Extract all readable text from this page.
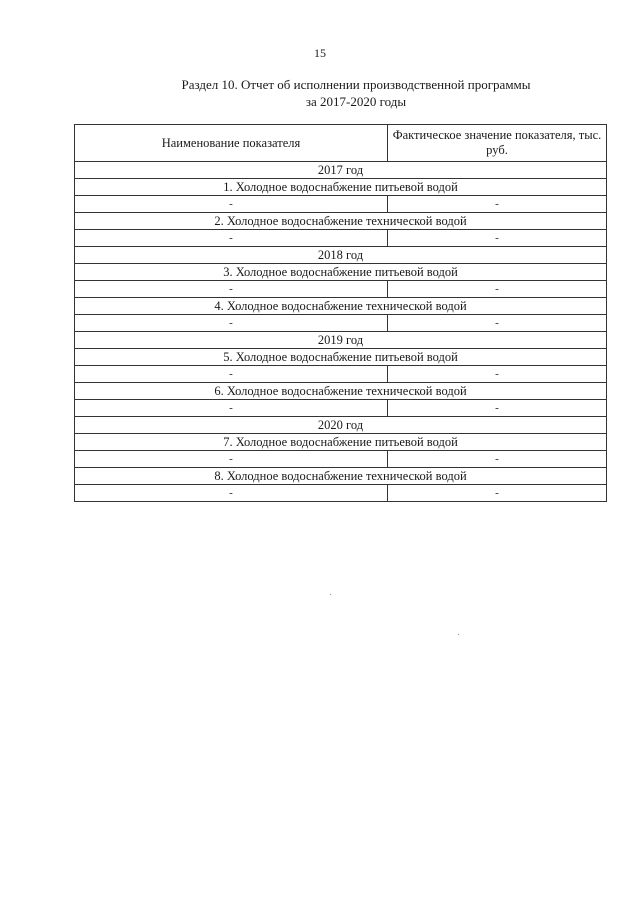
15
Раздел 10. Отчет об исполнении производственной программы
за 2017-2020 годы
Наименование показателя	Фактическое значение показателя, тыс. руб.
2017 год	
1. Холодное водоснабжение питьевой водой	
-	-
2. Холодное водоснабжение технической водой	
-	-
2018 год	
3. Холодное водоснабжение питьевой водой	
-	-
4. Холодное водоснабжение технической водой	
-	-
2019 год	
5. Холодное водоснабжение питьевой водой	
-	-
6. Холодное водоснабжение технической водой	
-	-
2020 год	
7. Холодное водоснабжение питьевой водой	
-	-
8. Холодное водоснабжение технической водой	
-	-
